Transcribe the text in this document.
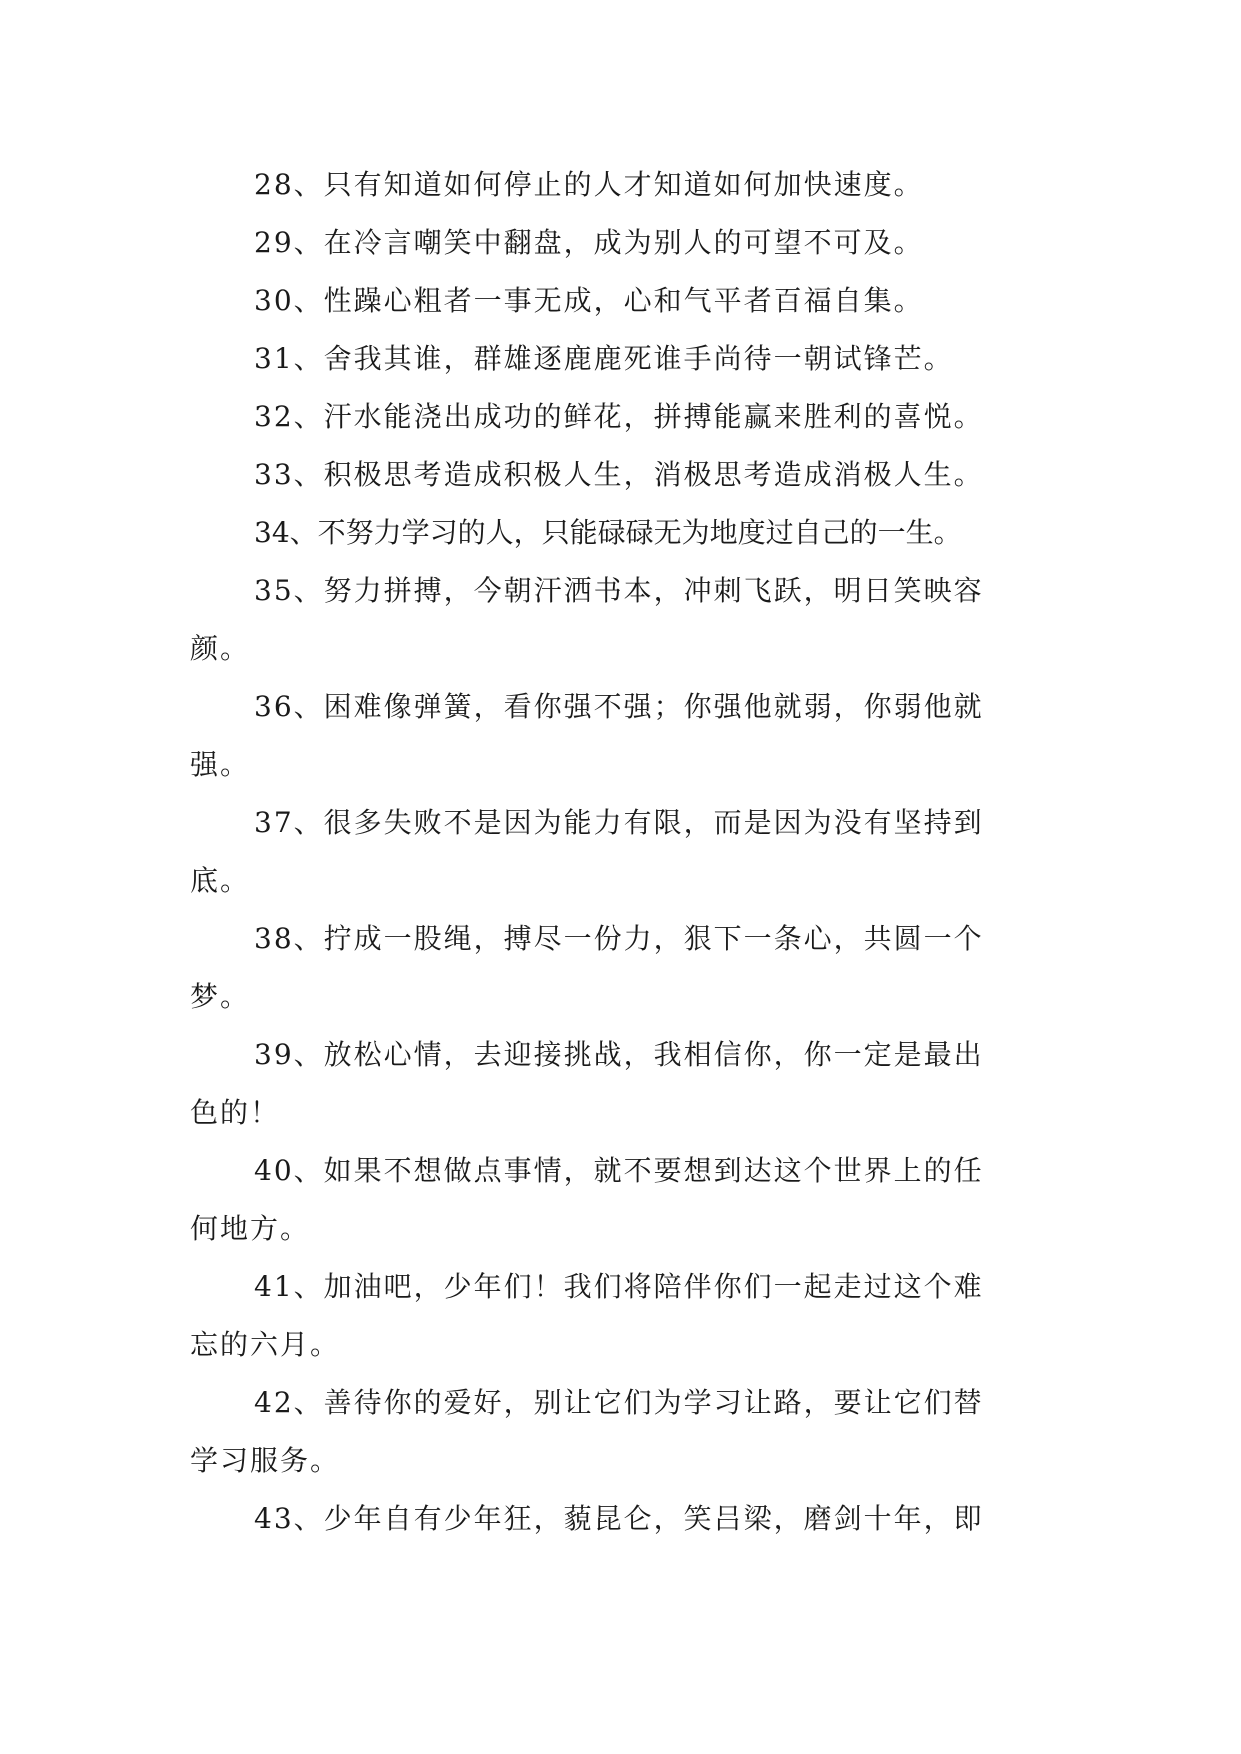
28、只有知道如何停止的人才知道如何加快速度。
29、在冷言嘲笑中翻盘，成为别人的可望不可及。
30、性躁心粗者一事无成，心和气平者百福自集。
31、舍我其谁，群雄逐鹿鹿死谁手尚待一朝试锋芒。
32、汗水能浇出成功的鲜花，拼搏能赢来胜利的喜悦。
33、积极思考造成积极人生，消极思考造成消极人生。
34、不努力学习的人，只能碌碌无为地度过自己的一生。
35、努力拼搏，今朝汗洒书本，冲刺飞跃，明日笑映容
颜。
36、困难像弹簧，看你强不强；你强他就弱，你弱他就
强。
37、很多失败不是因为能力有限，而是因为没有坚持到
底。
38、拧成一股绳，搏尽一份力，狠下一条心，共圆一个
梦。
39、放松心情，去迎接挑战，我相信你，你一定是最出
色的！
40、如果不想做点事情，就不要想到达这个世界上的任
何地方。
41、加油吧，少年们！我们将陪伴你们一起走过这个难
忘的六月。
42、善待你的爱好，别让它们为学习让路，要让它们替
学习服务。
43、少年自有少年狂，藐昆仑，笑吕梁，磨剑十年，即
